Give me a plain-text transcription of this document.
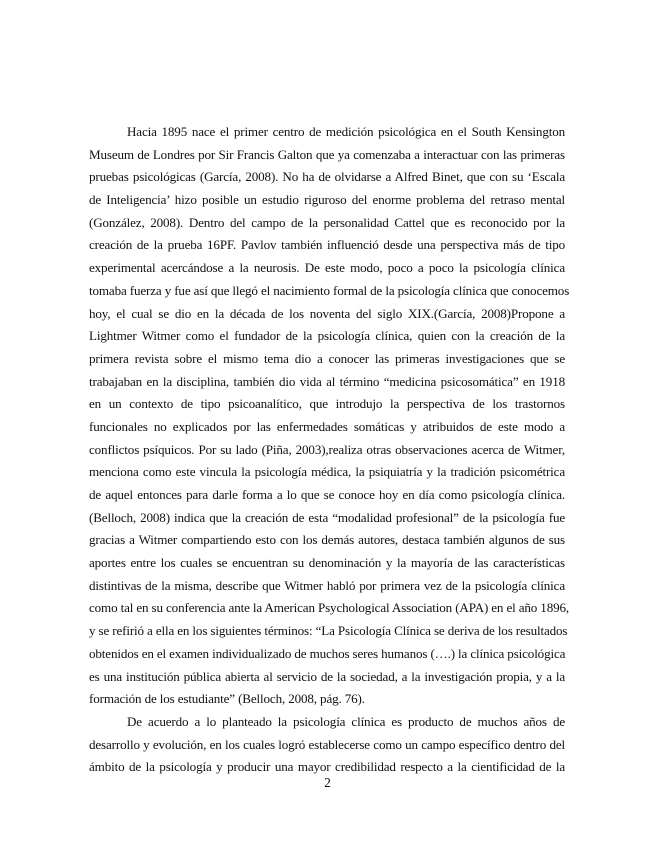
Hacia 1895 nace el primer centro de medición psicológica en el South Kensington
Museum de Londres por Sir Francis Galton que ya comenzaba a interactuar con las primeras
pruebas psicológicas (García, 2008). No ha de olvidarse a Alfred Binet, que con su ‘Escala
de Inteligencia’ hizo posible un estudio riguroso del enorme problema del retraso mental
(González, 2008). Dentro del campo de la personalidad Cattel que es reconocido por la
creación de la prueba 16PF. Pavlov también influenció desde una perspectiva más de tipo
experimental acercándose a la neurosis. De este modo, poco a poco la psicología clínica
tomaba fuerza y fue así que llegó el nacimiento formal de la psicología clínica que conocemos
hoy, el cual se dio en la década de los noventa del siglo XIX.(García, 2008)Propone a
Lightmer Witmer como el fundador de la psicología clínica, quien con la creación de la
primera revista sobre el mismo tema dio a conocer las primeras investigaciones que se
trabajaban en la disciplina, también dio vida al término “medicina psicosomática” en 1918
en un contexto de tipo psicoanalítico, que introdujo la perspectiva de los trastornos
funcionales no explicados por las enfermedades somáticas y atribuidos de este modo a
conflictos psíquicos. Por su lado (Piña, 2003),realiza otras observaciones acerca de Witmer,
menciona como este vincula la psicología médica, la psiquiatría y la tradición psicométrica
de aquel entonces para darle forma a lo que se conoce hoy en día como psicología clínica.
(Belloch, 2008) indica que la creación de esta “modalidad profesional” de la psicología fue
gracias a Witmer compartiendo esto con los demás autores, destaca también algunos de sus
aportes entre los cuales se encuentran su denominación y la mayoría de las características
distintivas de la misma, describe que Witmer habló por primera vez de la psicología clínica
como tal en su conferencia ante la American Psychological Association (APA) en el año 1896,
y se refirió a ella en los siguientes términos: “La Psicología Clínica se deriva de los resultados
obtenidos en el examen individualizado de muchos seres humanos (….) la clínica psicológica
es una institución pública abierta al servicio de la sociedad, a la investigación propia, y a la
formación de los estudiante” (Belloch, 2008, pág. 76).
De acuerdo a lo planteado la psicología clínica es producto de muchos años de
desarrollo y evolución, en los cuales logró establecerse como un campo específico dentro del
ámbito de la psicología y producir una mayor credibilidad respecto a la cientificidad de la
2
